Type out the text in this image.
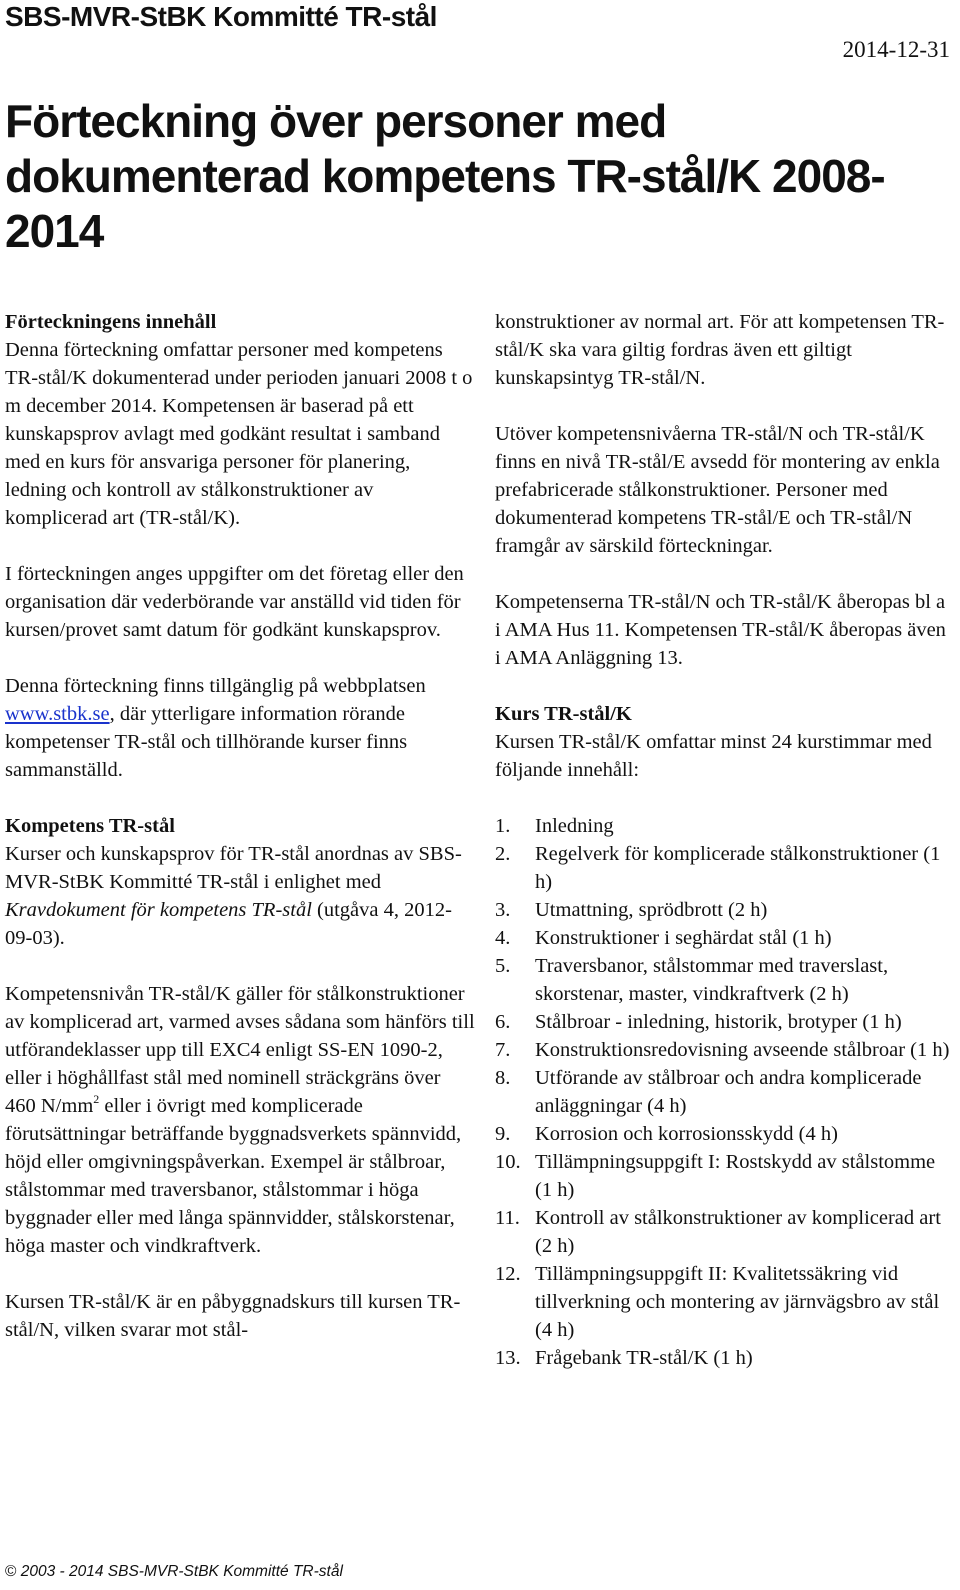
SBS-MVR-StBK Kommitté TR-stål
2014-12-31
Förteckning över personer med dokumenterad kompetens TR-stål/K 2008-2014

Förteckningens innehåll
Denna förteckning omfattar personer med kompetens TR-stål/K dokumenterad under perioden januari 2008 t o m december 2014. Kompetensen är baserad på ett kunskapsprov avlagt med godkänt resultat i samband med en kurs för ansvariga personer för planering, ledning och kontroll av stålkonstruktioner av komplicerad art (TR-stål/K).

I förteckningen anges uppgifter om det företag eller den organisation där vederbörande var anställd vid tiden för kursen/provet samt datum för godkänt kunskapsprov.

Denna förteckning finns tillgänglig på webbplatsen www.stbk.se, där ytterligare information rörande kompetenser TR-stål och tillhörande kurser finns sammanställd.

Kompetens TR-stål
Kurser och kunskapsprov för TR-stål anordnas av SBS-MVR-StBK Kommitté TR-stål i enlighet med Kravdokument för kompetens TR-stål (utgåva 4, 2012-09-03).

Kompetensnivån TR-stål/K gäller för stålkonstruktioner av komplicerad art, varmed avses sådana som hänförs till utförandeklasser upp till EXC4 enligt SS-EN 1090-2, eller i höghållfast stål med nominell sträckgräns över 460 $N/mm^2$ eller i övrigt med komplicerade förutsättningar beträffande byggnadsverkets spännvidd, höjd eller omgivningspåverkan. Exempel är stålbroar, stålstommar med traversbanor, stålstommar i höga byggnader eller med långa spännvidder, stålskorstenar, höga master och vindkraftverk.

Kursen TR-stål/K är en påbyggnadskurs till kursen TR-stål/N, vilken svarar mot stål-

konstruktioner av normal art. För att kompetensen TR-stål/K ska vara giltig fordras även ett giltigt kunskapsintyg TR-stål/N.

Utöver kompetensnivåerna TR-stål/N och TR-stål/K finns en nivå TR-stål/E avsedd för montering av enkla prefabricerade stålkonstruktioner. Personer med dokumenterad kompetens TR-stål/E och TR-stål/N framgår av särskild förteckningar.

Kompetenserna TR-stål/N och TR-stål/K åberopas bl a i AMA Hus 11. Kompetensen TR-stål/K åberopas även i AMA Anläggning 13.

Kurs TR-stål/K
Kursen TR-stål/K omfattar minst 24 kurstimmar med följande innehåll:

1.	Inledning
2.	Regelverk för komplicerade stålkonstruktioner (1 h)
3.	Utmattning, sprödbrott (2 h)
4.	Konstruktioner i seghärdat stål (1 h)
5.	Traversbanor, stålstommar med traverslast, skorstenar, master, vindkraftverk (2 h)
6.	Stålbroar - inledning, historik, brotyper (1 h)
7.	Konstruktionsredovisning avseende stålbroar (1 h)
8.	Utförande av stålbroar och andra komplicerade anläggningar (4 h)
9.	Korrosion och korrosionsskydd (4 h)
10. Tillämpningsuppgift I: Rostskydd av stålstomme (1 h)
11. Kontroll av stålkonstruktioner av komplicerad art (2 h)
12. Tillämpningsuppgift II: Kvalitetssäkring vid tillverkning och montering av järnvägsbro av stål (4 h)
13. Frågebank TR-stål/K (1 h)
© 2003 - 2014 SBS-MVR-StBK Kommitté TR-stål
